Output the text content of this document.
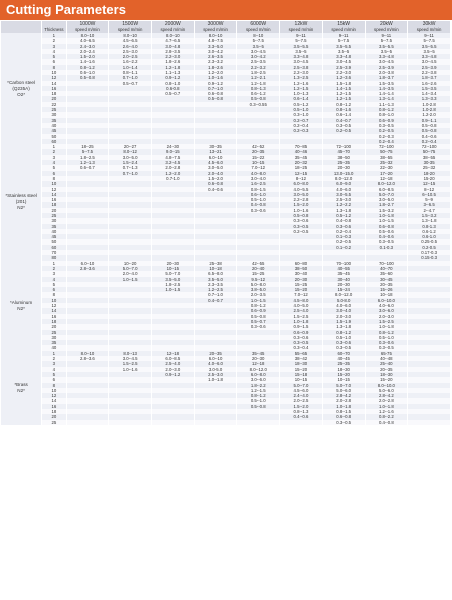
Cutting Parameters
		1000W	1500W	2000W	3000W	6000W	12kW	15kW	20kW	30kW
	Thickness	speed m/min	speed m/min	speed m/min	speed m/min	speed m/min	speed m/min	speed m/min	speed m/min	speed m/min
*Carbon steel
(Q235A)
O2*	1	8.0--10	8.0--10	8.0--10	8.0--10	8--10	9--11	9--11	9--11	9--11
	2	4.0--6.5	4.5--6.5	4.7--6.5	4.8--7.5	5--7.5	5--7.5	5--7.5	5--7.5	5--7.5
	3	2.4--3.0	2.6--4.0	3.0--4.8	3.3--5.0	3.5--5	3.5--5.5	3.5--5.5	3.5--5.5	3.5--5.5
	4	2.0--2.4	2.5--3.0	2.8--3.5	3.0--4.2	3.0--4.5	3.5--5	3.5--5	3.5--5	3.5--5
	5	1.5--2.0	2.0--2.5	2.2--3.0	2.6--3.5	3.0--4.2	3.3--4.8	3.3--4.8	3.3--4.8	3.3--4.8
	6	1.4--1.6	1.6--2.2	1.8--2.6	2.3--3.2	2.5--3.5	3.0--4.5	3.0--4.5	3.0--4.5	3.0--4.5
	8	0.8--1.2	1.0--1.4	1.2--1.8	1.8--2.6	2.2--3.2	2.5--3.8	2.5--3.9	2.5--3.9	2.5--3.9
	10	0.6--1.0	0.8--1.1	1.1--1.3	1.2--2.0	1.8--2.5	2.2--3.0	2.2--3.0	2.0--3.8	2.2--3.8
	12	0.5--0.8	0.7--1.0	0.9--1.2	1.0--1.6	1.2--2.1	1.3--2.5	1.2--3.6	1.8--3.7	1.8--3.7
	14		0.5--0.7	0.8--1.0	0.9--1.2	1.2--1.8	1.2--1.6	1.5--1.8	1.5--3.5	1.6--2.6
	16			0.6-0.8	0.7--1.0	0.8--1.3	1.2--1.5	1.4--1.5	1.4--3.5	1.5--3.5
	18			0.5--0.7	0.6--0.8	0.6--1.2	1.0--1.3	1.2--1.5	1.4--1.4	1.4--3.4
	20				0.5--0.8	0.5--0.8	0.6--1.4	1.2--1.5	1.3--1.4	1.3--3.3
	22					0.3--0.55	0.5--1.2	0.8--1.2	1.1--1.3	1.0-2.8
	25						0.5--1.0	0.8--1.6	0.8--1.2	1.0-2.8
	30						0.3--1.0	0.6--1.4	0.8--1.0	1.2-2.0
	35						0.2--0.7	0.4--0.7	0.6--0.9	0.9--1.1
	40						0.2--0.4	0.3--0.5	0.3--0.5	0.5--0.8
	45						0.2--0.3	0.2--0.5	0.2--0.5	0.5--0.8
	50								0.2--0.3	0.4--0.6
	60								0.2--0.4	0.2--0.4
*Stainless steel
(201)
N2*	1	18--25	20--27	24--30	30--35	42--52	70--85	72--100	72--100	72--100
	2	5--7.5	8.0--12	9.0--15	13--21	20--35	40--46	45--70	50--75	50--75
	3	1.8--2.5	3.0--5.0	4.8--7.5	6.0--10	15--22	35--45	38--50	38--55	38--55
	4	1.2--1.3	1.5--2.4	3.2--4.5	4.5--6.0	10--15	20--32	25--35	25--32	30-35
	5	0.6--0.7	0.7--1.3	2.0--2.8	3.0--5.0	7.0--12	18--25	20--30	22--30	25--32
	6		0.7--1.0	1.2--2.0	2.0--4.0	4.0--8.0	12--15	13.0--15.0	17--20	18-20
	8			0.7-1.0	1.5--2.0	3.0--4.0	8--12	8.0--12.0	12--18	15-20
	10				0.6--0.8	1.6--2.5	6.0--8.0	6.0--9.0	8.0--12.0	12--15
	12				0.4--0.6	0.8--1.5	4.0--5.5	4.0--6.0	6.0--8.5	8--12
	14					0.6--1.0	3.0--5.0	3.0--5.5	5.0--7.0	6--10.5
	16					0.5--1.0	2.2--2.8	2.5--3.0	3.0--5.0	5--9
	18					0.4--0.8	1.5--2.0	1.2--2.2	1.8--2.7	3--6.5
	20					0.3--0.6	1.0--1.6	1.3--1.8	1.5--3.2	2--4.7
	25						0.5--0.8	0.5--1.2	1.0--1.8	1.5--3.2
	30						0.3--0.6	0.4--0.8	1.0--1.5	1.3--1.8
	35						0.3--0.5	0.3--0.6	0.6--0.8	0.8-1.3
	40						0.2--0.5	0.2--0.4	0.5--0.6	0.6-1.2
	45							0.1--0.3	0.4--0.6	0.6-1.0
	50							0.2--0.5	0.3--0.5	0.25-0.5
	60							0.1--0.2	0.1-0.3	0.2-0.5
	70									0.17-0.3
	80									0.15-0.3
*Aluminum
N2*	1	6.0--10	10--20	20--30	25--38	42--55	60--80	70--100	70--100	
	2	2.8--3.6	5.0--7.0	10--15	10--18	20--40	38--50	40--55	40--70	
	3		2.0--4.0	5.0--7.0	6.5--8.0	15--25	30--40	35--45	35--60	
	4		1.0--1.5	3.5--5.0	3.5--5.0	9.5--12	20--30	30--40	30--45	
	5			1.8--2.5	2.3--3.5	5.0--8.0	15--25	20--30	20--35	
	6			1.0--1.5	1.2--2.5	3.8--5.0	15--20	15--24	15--26	
	8				0.7--1.0	2.0--3.5	7.0--12	8.0--12.0	10--18	
	10				0.4--0.7	1.0--1.5	4.5--8.0	5.0-8.0	6.0--10.0	
	12					0.8--1.2	4.0--5.0	4.0--6.0	4.0--6.0	
	14					0.6--0.9	2.5--4.0	3.0--4.0	3.0--6.0	
	16					0.5--0.8	1.5--2.5	2.0--3.0	2.0--3.0	
	18					0.5--0.7	1.0--1.8	1.5--1.9	1.5--2.5	
	20					0.3--0.6	0.9--1.5	1.3--1.8	1.0--1.8	
	25						0.6--0.9	0.8--1.2	0.8--1.2	
	30						0.3--0.6	0.5--1.0	0.5--1.0	
	35						0.3--0.5	0.3--0.6	0.3--0.6	
	40						0.3--0.4	0.3--0.5	0.3--0.5	
*Brass
N2*	1	8.0--10	8.0--13	12--18	20--35	35--45	55--65	60--70	65-75	
	2	2.8--3.6	3.0--4.5	6.0--8.5	6.0--10	20--30	38--42	40--45	40--48	
	3		1.5--2.5	2.5--4.0	4.0--6.0	12--18	18--30	25--35	25--40	
	4		1.0--1.6	2.0--3.0	3.0-5.0	8.0--12.0	15--20	18--30	20--35	
	5			0.9--1.2	2.5--3.0	6.0--8.0	15--18	15--20	18--30	
	6				1.0--1.8	3.0--6.0	10--15	10--15	15--20	
	8					1.8--2.2	5.0--7.0	5.0--7.0	8.0--10.0	
	10					1.2--1.5	4.5--6.0	5.0--6.0	5.0--6.0	
	12					0.8--1.2	2.4--4.0	2.8--4.2	2.8--4.2	
	14					0.5--1.0	2.0--2.5	2.0--2.8	2.0--2.8	
	16					0.5--0.8	1.5--2.0	1.0--1.8	1.0--1.8	
	18						0.8--1.3	0.8--1.5	1.2--1.6	
	20						0.4--0.6	0.6--0.8	0.8--2.2	
	25							0.3--0.5	0.4--0.8	
